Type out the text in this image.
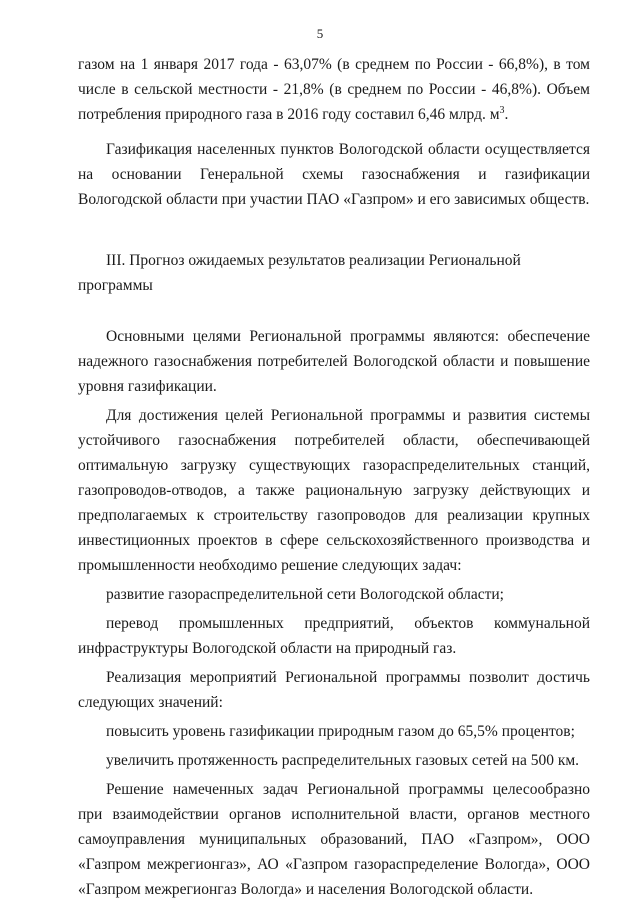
5

газом на 1 января 2017 года - 63,07% (в среднем по России - 66,8%), в том числе в сельской местности - 21,8% (в среднем по России - 46,8%). Объем потребления природного газа в 2016 году составил 6,46 млрд. $м^3$.

Газификация населенных пунктов Вологодской области осуществляется на основании Генеральной схемы газоснабжения и газификации Вологодской области при участии ПАО «Газпром» и его зависимых обществ.

III. Прогноз ожидаемых результатов реализации Региональной программы

Основными целями Региональной программы являются: обеспечение надежного газоснабжения потребителей Вологодской области и повышение уровня газификации.

Для достижения целей Региональной программы и развития системы устойчивого газоснабжения потребителей области, обеспечивающей оптимальную загрузку существующих газораспределительных станций, газопроводов-отводов, а также рациональную загрузку действующих и предполагаемых к строительству газопроводов для реализации крупных инвестиционных проектов в сфере сельскохозяйственного производства и промышленности необходимо решение следующих задач:

развитие газораспределительной сети Вологодской области;

перевод промышленных предприятий, объектов коммунальной

инфраструктуры Вологодской области на природный газ.

Реализация мероприятий Региональной программы позволит достичь следующих значений:

повысить уровень газификации природным газом до 65,5% процентов;

увеличить протяженность распределительных газовых сетей на 500 км.

Решение намеченных задач Региональной программы целесообразно при взаимодействии органов исполнительной власти, органов местного самоуправления муниципальных образований, ПАО «Газпром», ООО «Газпром межрегионгаз», АО «Газпром газораспределение Вологда», ООО «Газпром межрегионгаз Вологда» и населения Вологодской области.
